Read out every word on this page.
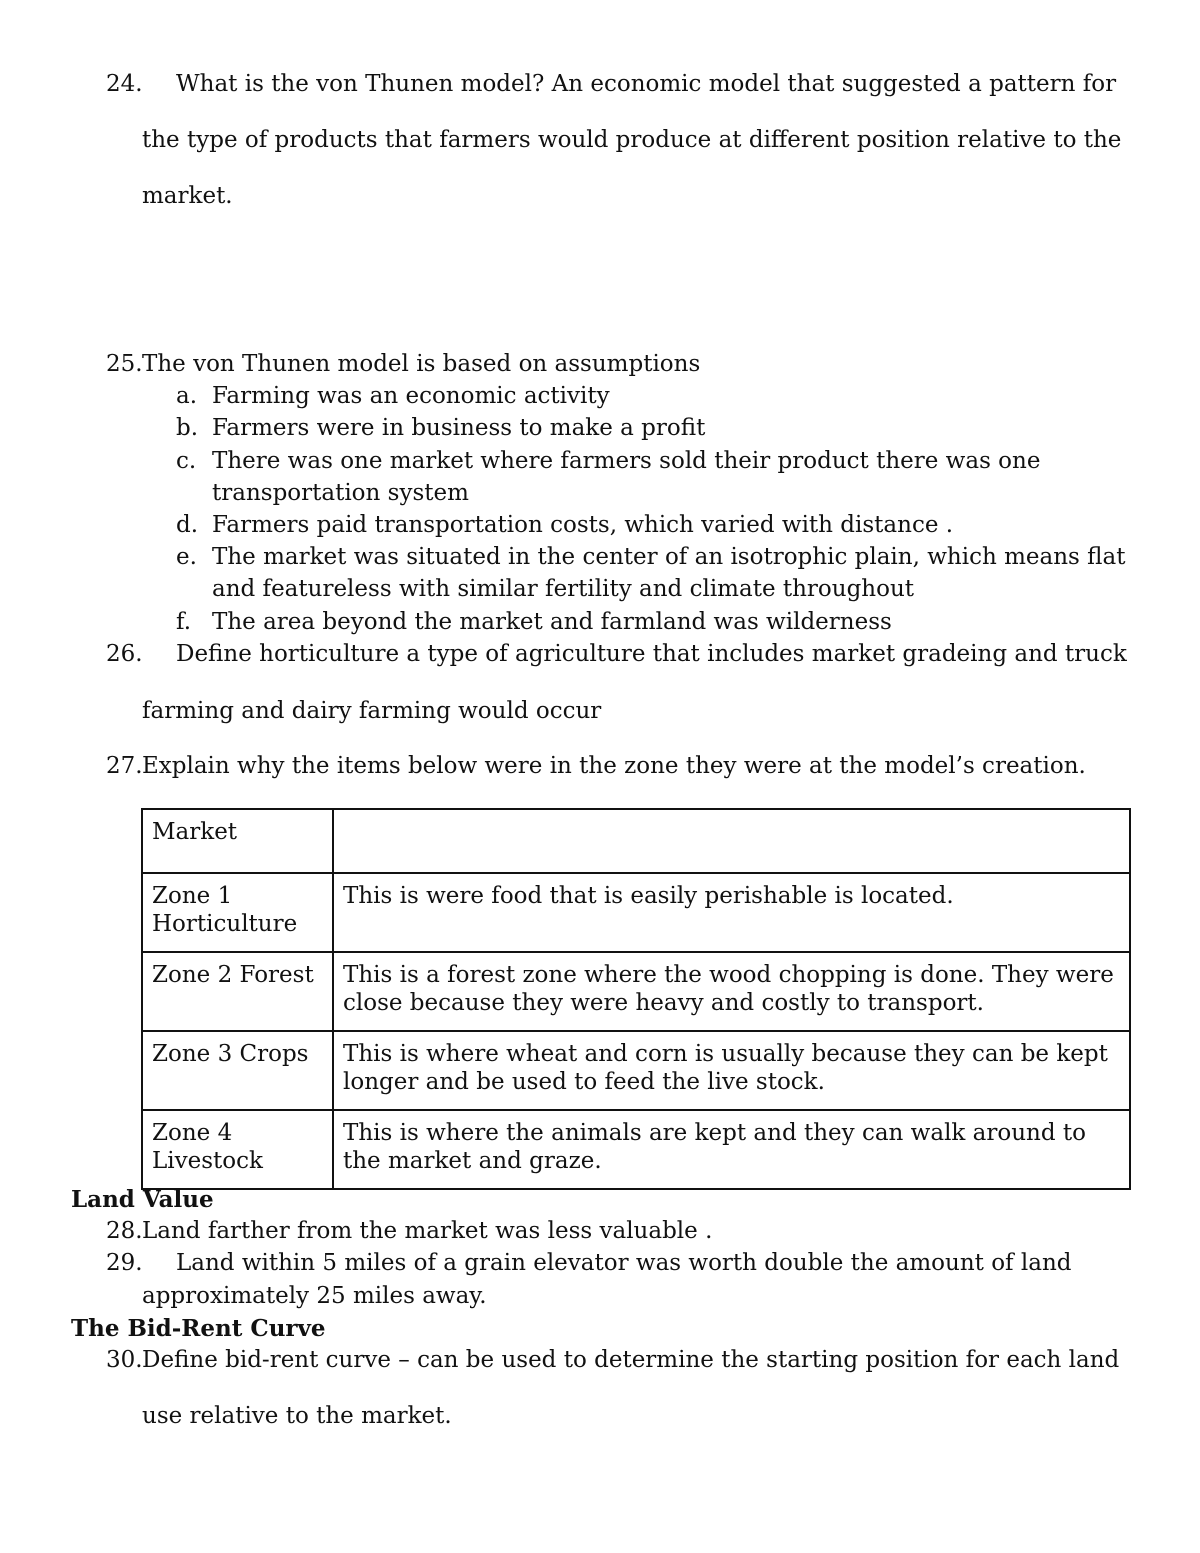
24. What is the von Thunen model? An economic model that suggested a pattern for
the type of products that farmers would produce at different position relative to the
market.
25. The von Thunen model is based on assumptions
a. Farming was an economic activity
b. Farmers were in business to make a profit
c. There was one market where farmers sold their product there was one
transportation system
d. Farmers paid transportation costs, which varied with distance .
e. The market was situated in the center of an isotrophic plain, which means flat
and featureless with similar fertility and climate throughout
f. The area beyond the market and farmland was wilderness
26. Define horticulture a type of agriculture that includes market gradeing and truck
farming and dairy farming would occur
27. Explain why the items below were in the zone they were at the model’s creation.
Market	
Zone 1
Horticulture	This is were food that is easily perishable is located.
Zone 2 Forest	This is a forest zone where the wood chopping is done. They were close because they were heavy and costly to transport.
Zone 3 Crops	This is where wheat and corn is usually because they can be kept longer and be used to feed the live stock.
Zone 4
Livestock	This is where the animals are kept and they can walk around to the market and graze.
Land Value
28. Land farther from the market was less valuable .
29. Land within 5 miles of a grain elevator was worth double the amount of land
approximately 25 miles away.
The Bid-Rent Curve
30. Define bid-rent curve – can be used to determine the starting position for each land
use relative to the market.
